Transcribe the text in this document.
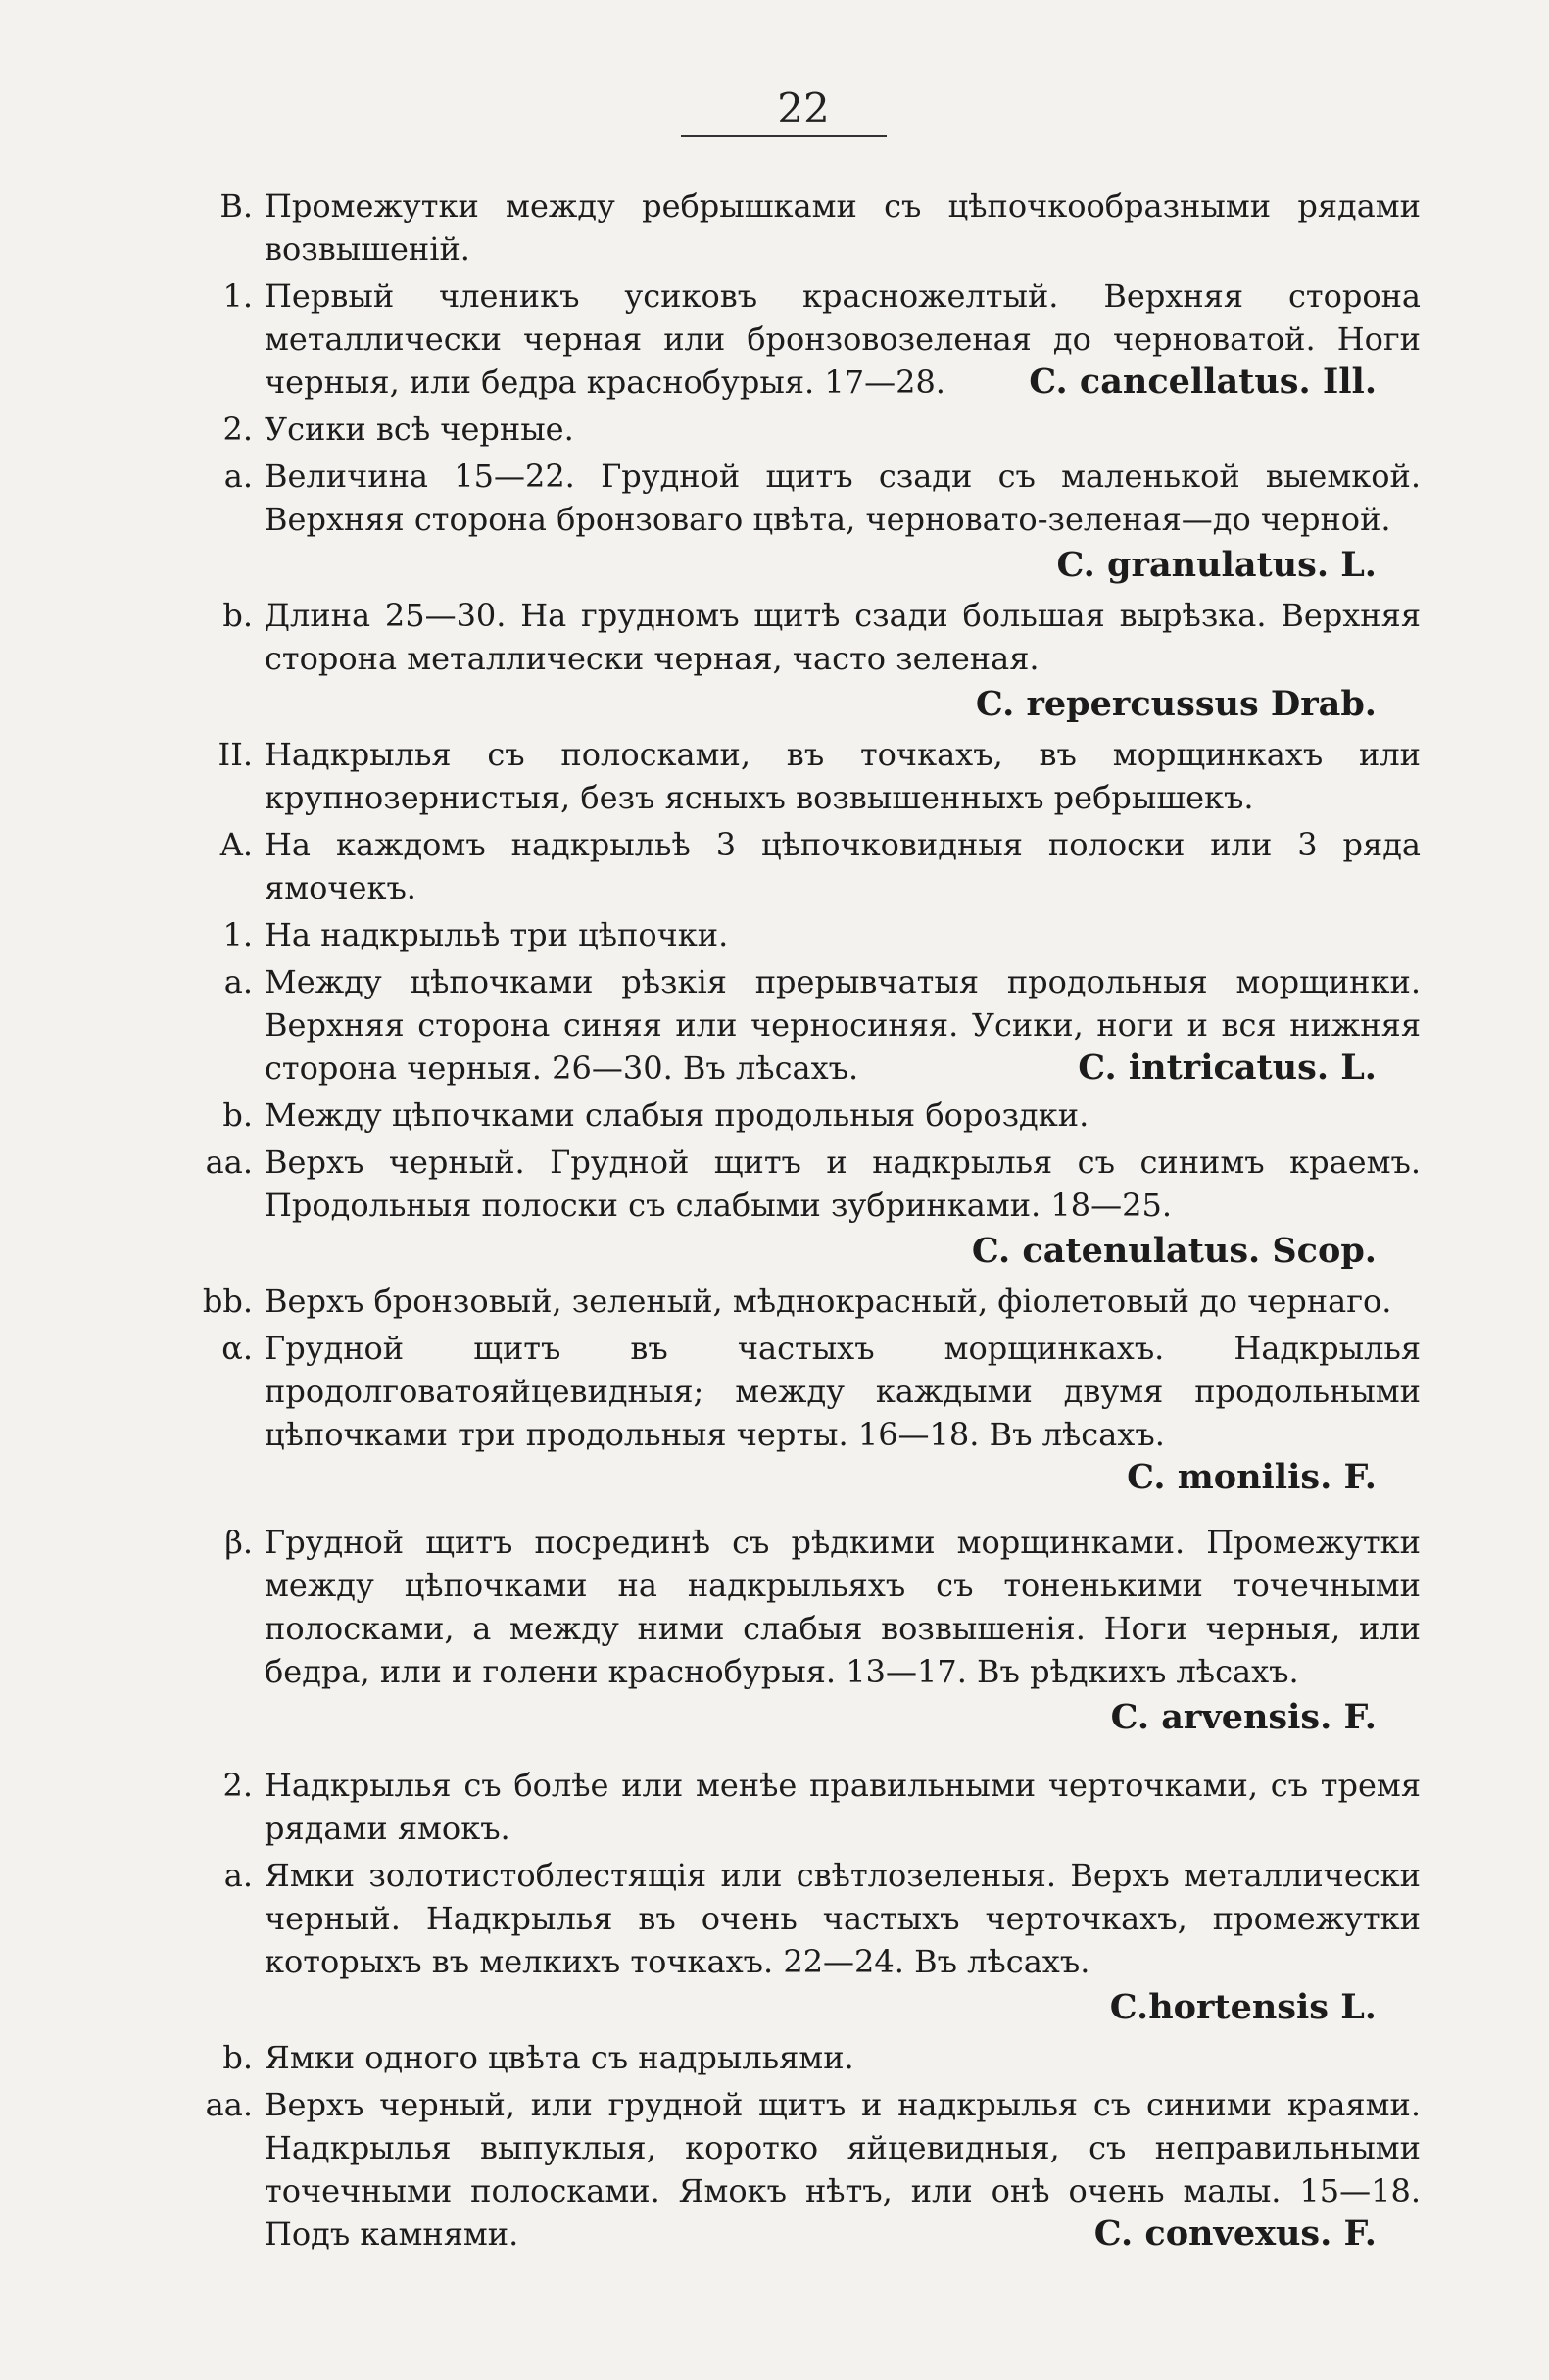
22
B. Промежутки между ребрышками съ цѣпочкообразными рядами возвышеній.

1. Первый членикъ усиковъ красножелтый. Верхняя сторона металлически черная или бронзовозеленая до черноватой. Ноги черныя, или бедра краснобурыя. 17—28. C. cancellatus. Ill.

2. Усики всѣ черные.

a. Величина 15—22. Грудной щитъ сзади съ маленькой выемкой. Верхняя сторона бронзоваго цвѣта, черновато-зеленая—до черной.

C. granulatus. L.
b. Длина 25—30. На грудномъ щитѣ сзади большая вырѣзка. Верхняя сторона металлически черная, часто зеленая.

C. repercussus Drab.
II. Надкрылья съ полосками, въ точкахъ, въ морщинкахъ или крупнозернистыя, безъ ясныхъ возвышенныхъ ребрышекъ.

A. На каждомъ надкрыльѣ 3 цѣпочковидныя полоски или 3 ряда ямочекъ.

1. На надкрыльѣ три цѣпочки.

a. Между цѣпочками рѣзкія прерывчатыя продольныя морщинки. Верхняя сторона синяя или черносиняя. Усики, ноги и вся нижняя сторона черныя. 26—30. Въ лѣсахъ.	C. intricatus. L.

b. Между цѣпочками слабыя продольныя бороздки.

aa. Верхъ черный. Грудной щитъ и надкрылья съ синимъ краемъ. Продольныя полоски съ слабыми зубринками. 18—25.

C. catenulatus. Scop.
bb. Верхъ бронзовый, зеленый, мѣднокрасный, фіолетовый до чернаго.

α. Грудной щитъ въ частыхъ морщинкахъ. Надкрылья продолговатояйцевидныя; между каждыми двумя продольными цѣпочками три продольныя черты. 16—18. Въ лѣсахъ.
C. monilis. F.

β. Грудной щитъ посрединѣ съ рѣдкими морщинками. Промежутки между цѣпочками на надкрыльяхъ съ тоненькими точечными полосками, а между ними слабыя возвышенія. Ноги черныя, или бедра, или и голени краснобурыя. 13—17. Въ рѣдкихъ лѣсахъ.

C. arvensis. F.
2. Надкрылья съ болѣе или менѣе правильными черточками, съ тремя рядами ямокъ.

a. Ямки золотистоблестящія или свѣтлозеленыя. Верхъ металлически черный. Надкрылья въ очень частыхъ черточкахъ, промежутки которыхъ въ мелкихъ точкахъ. 22—24. Въ лѣсахъ.

C.hortensis L.
b. Ямки одного цвѣта съ надрыльями.

aa. Верхъ черный, или грудной щитъ и надкрылья съ синими краями. Надкрылья выпуклыя, коротко яйцевидныя, съ неправильными точечными полосками. Ямокъ нѣтъ, или онѣ очень малы. 15—18. Подъ камнями.	C. convexus. F.
